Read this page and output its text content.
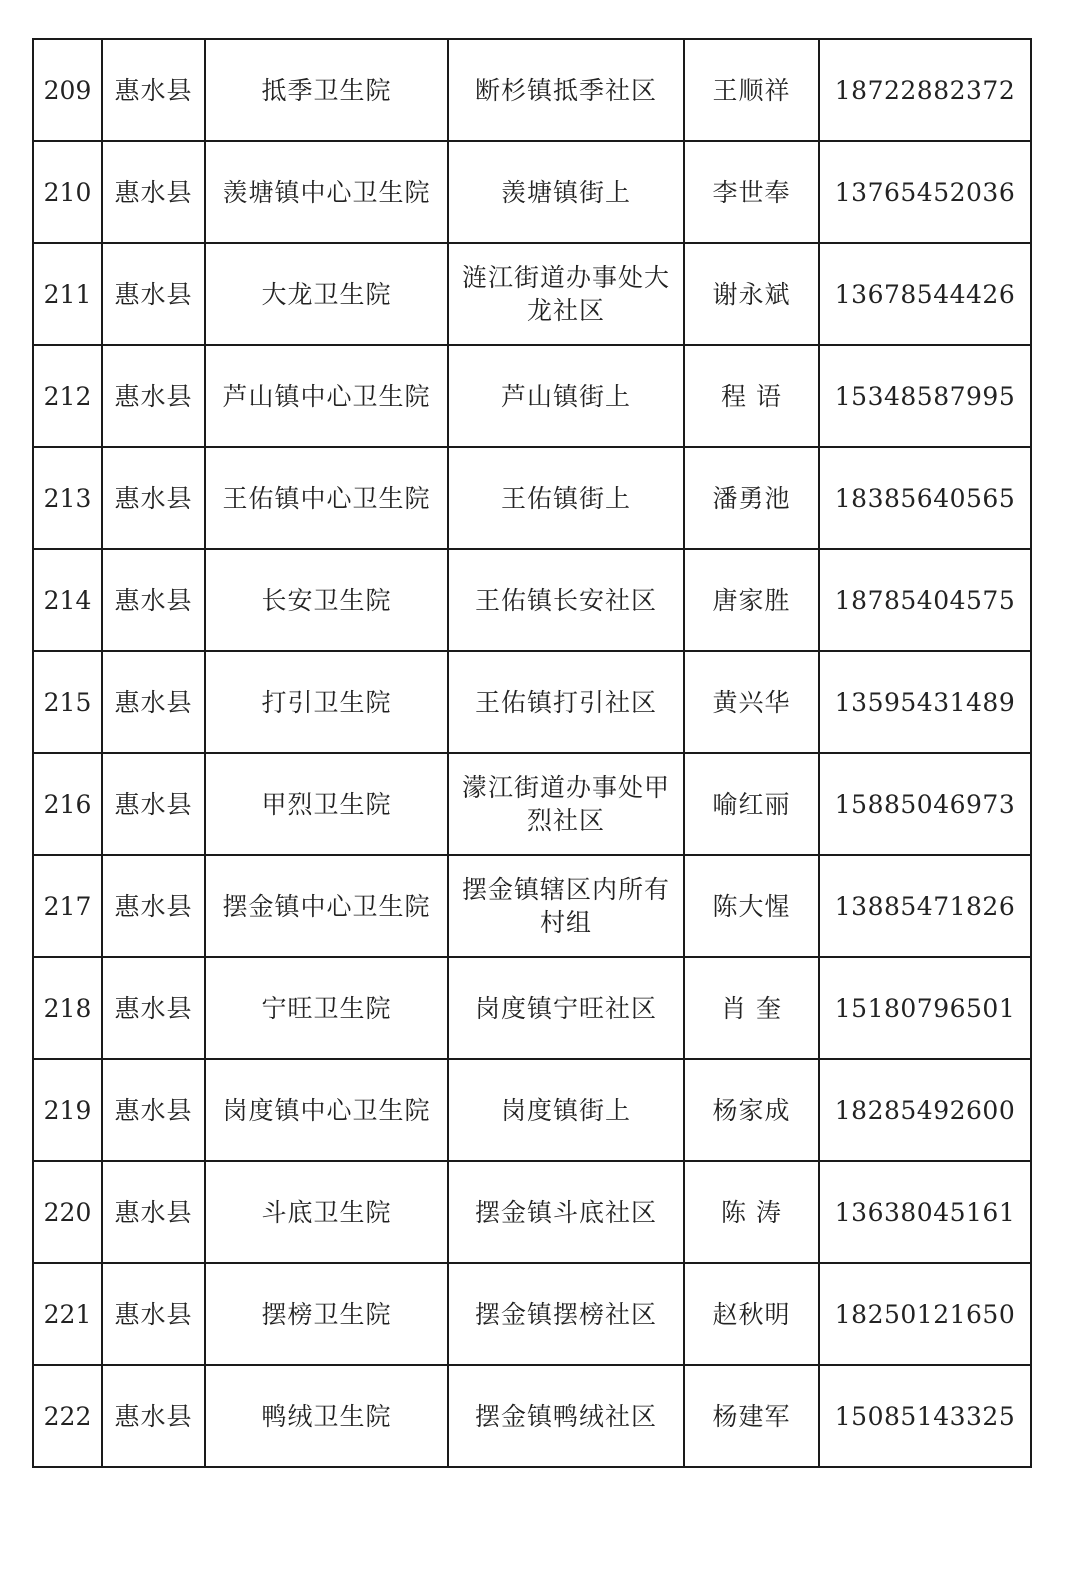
209	惠水县	抵季卫生院	断杉镇抵季社区	王顺祥	18722882372
210	惠水县	羡塘镇中心卫生院	羡塘镇街上	李世奉	13765452036
211	惠水县	大龙卫生院	涟江街道办事处大龙社区	谢永斌	13678544426
212	惠水县	芦山镇中心卫生院	芦山镇街上	程 语	15348587995
213	惠水县	王佑镇中心卫生院	王佑镇街上	潘勇池	18385640565
214	惠水县	长安卫生院	王佑镇长安社区	唐家胜	18785404575
215	惠水县	打引卫生院	王佑镇打引社区	黄兴华	13595431489
216	惠水县	甲烈卫生院	濛江街道办事处甲烈社区	喻红丽	15885046973
217	惠水县	摆金镇中心卫生院	摆金镇辖区内所有村组	陈大惺	13885471826
218	惠水县	宁旺卫生院	岗度镇宁旺社区	肖 奎	15180796501
219	惠水县	岗度镇中心卫生院	岗度镇街上	杨家成	18285492600
220	惠水县	斗底卫生院	摆金镇斗底社区	陈 涛	13638045161
221	惠水县	摆榜卫生院	摆金镇摆榜社区	赵秋明	18250121650
222	惠水县	鸭绒卫生院	摆金镇鸭绒社区	杨建军	15085143325
